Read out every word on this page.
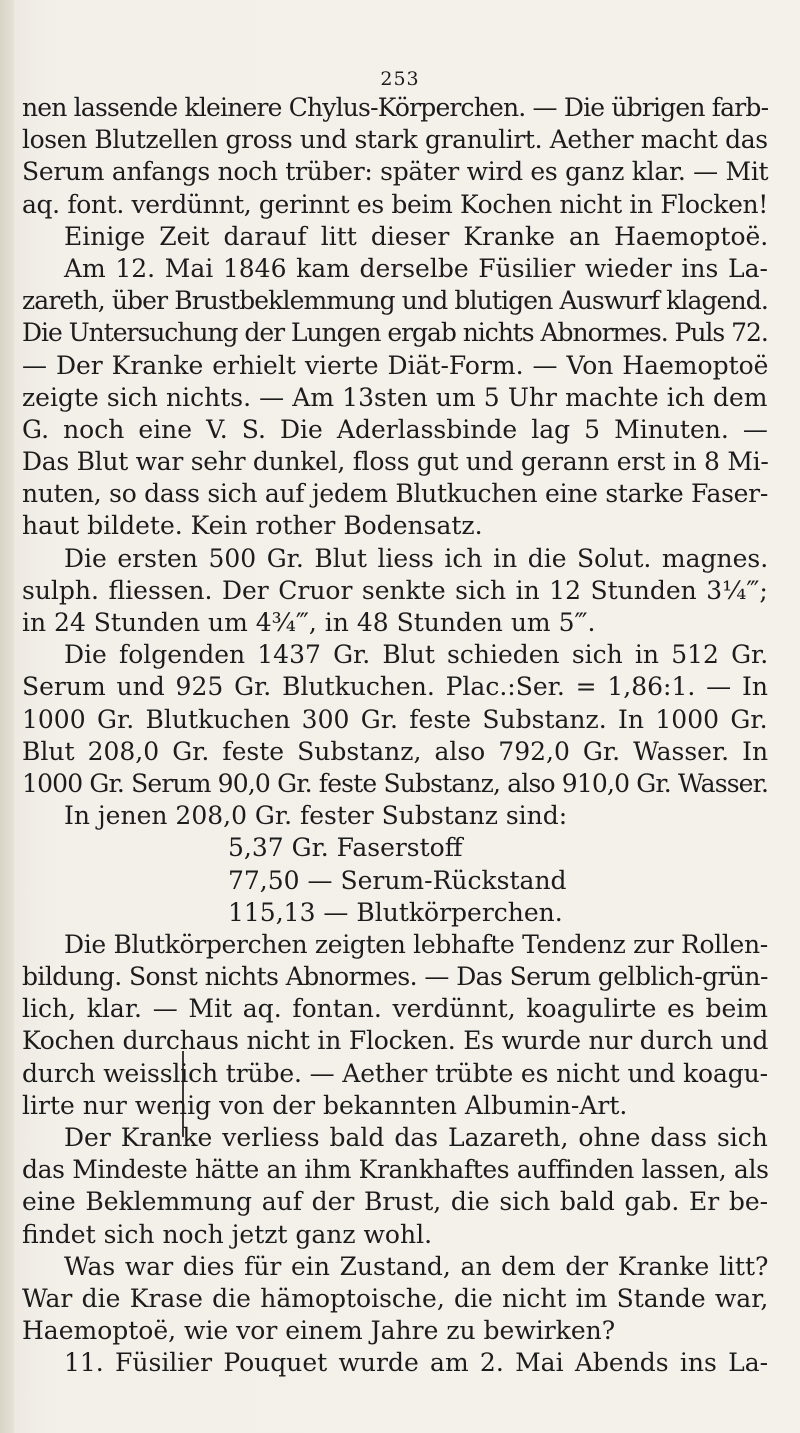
253
nen lassende kleinere Chylus-Körperchen. — Die übrigen farb-
losen Blutzellen gross und stark granulirt. Aether macht das
Serum anfangs noch trüber: später wird es ganz klar. — Mit
aq. font. verdünnt, gerinnt es beim Kochen nicht in Flocken!
Einige Zeit darauf litt dieser Kranke an Haemoptoë.
Am 12. Mai 1846 kam derselbe Füsilier wieder ins La-
zareth, über Brustbeklemmung und blutigen Auswurf klagend.
Die Untersuchung der Lungen ergab nichts Abnormes. Puls 72.
— Der Kranke erhielt vierte Diät-Form. — Von Haemoptoë
zeigte sich nichts. — Am 13sten um 5 Uhr machte ich dem
G. noch eine V. S. Die Aderlassbinde lag 5 Minuten. —
Das Blut war sehr dunkel, floss gut und gerann erst in 8 Mi-
nuten, so dass sich auf jedem Blutkuchen eine starke Faser-
haut bildete. Kein rother Bodensatz.
Die ersten 500 Gr. Blut liess ich in die Solut. magnes.
sulph. fliessen. Der Cruor senkte sich in 12 Stunden 3¼‴;
in 24 Stunden um 4¾‴, in 48 Stunden um 5‴.
Die folgenden 1437 Gr. Blut schieden sich in 512 Gr.
Serum und 925 Gr. Blutkuchen. Plac.:Ser. = 1,86:1. — In
1000 Gr. Blutkuchen 300 Gr. feste Substanz. In 1000 Gr.
Blut 208,0 Gr. feste Substanz, also 792,0 Gr. Wasser. In
1000 Gr. Serum 90,0 Gr. feste Substanz, also 910,0 Gr. Wasser.
In jenen 208,0 Gr. fester Substanz sind:
5,37 Gr. Faserstoff
77,50 — Serum-Rückstand
115,13 — Blutkörperchen.
Die Blutkörperchen zeigten lebhafte Tendenz zur Rollen-
bildung. Sonst nichts Abnormes. — Das Serum gelblich-grün-
lich, klar. — Mit aq. fontan. verdünnt, koagulirte es beim
Kochen durchaus nicht in Flocken. Es wurde nur durch und
durch weisslich trübe. — Aether trübte es nicht und koagu-
lirte nur wenig von der bekannten Albumin-Art.
Der Kranke verliess bald das Lazareth, ohne dass sich
das Mindeste hätte an ihm Krankhaftes auffinden lassen, als
eine Beklemmung auf der Brust, die sich bald gab. Er be-
findet sich noch jetzt ganz wohl.
Was war dies für ein Zustand, an dem der Kranke litt?
War die Krase die hämoptoische, die nicht im Stande war,
Haemoptoë, wie vor einem Jahre zu bewirken?
11. Füsilier Pouquet wurde am 2. Mai Abends ins La-
